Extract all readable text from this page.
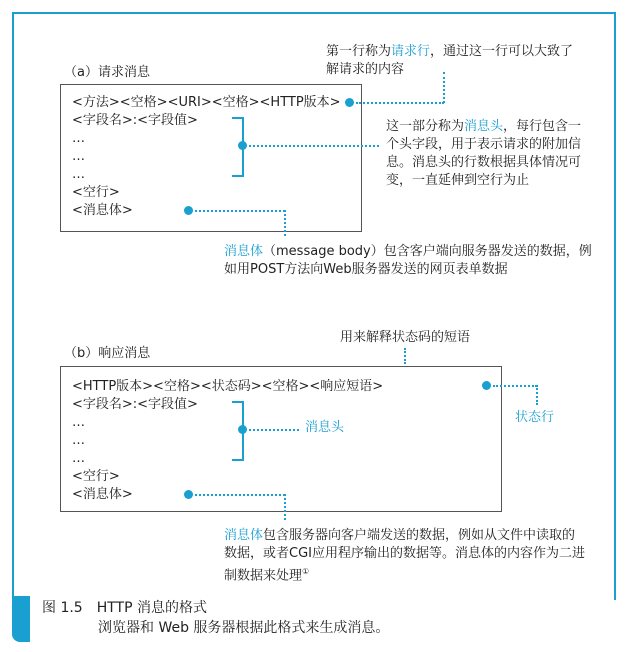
（a）请求消息
<方法><空格><URI><空格><HTTP版本>
<字段名>:<字段值>
…
…
…
<空行>
<消息体>
第一行称为请求行，通过这一行可以大致了
解请求的内容
这一部分称为消息头，每行包含一
个头字段，用于表示请求的附加信
息。消息头的行数根据具体情况可
变，一直延伸到空行为止
消息体（message body）包含客户端向服务器发送的数据，例
如用POST方法向Web服务器发送的网页表单数据
用来解释状态码的短语
（b）响应消息
<HTTP版本><空格><状态码><空格><响应短语>
<字段名>:<字段值>
…
…
…
<空行>
<消息体>
状态行
消息头
消息体包含服务器向客户端发送的数据，例如从文件中读取的
数据，或者CGI应用程序输出的数据等。消息体的内容作为二进
制数据来处理①
图 1.5　HTTP 消息的格式
浏览器和 Web 服务器根据此格式来生成消息。
